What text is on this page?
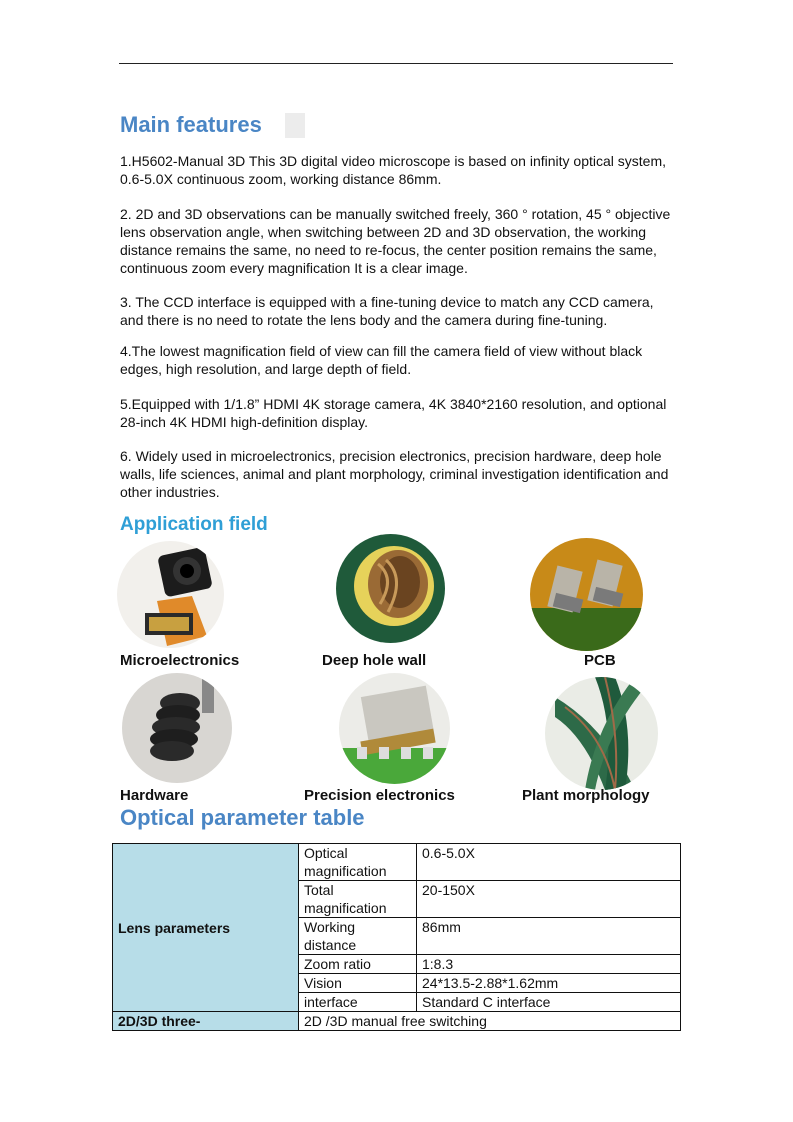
Main features

1.H5602-Manual 3D This 3D digital video microscope is based on infinity optical system, 0.6-5.0X continuous zoom, working distance 86mm.

2. 2D and 3D observations can be manually switched freely, 360 ° rotation, 45 ° objective lens observation angle, when switching between 2D and 3D observation, the working distance remains the same, no need to re-focus, the center position remains the same, continuous zoom every magnification It is a clear image.

3. The CCD interface is equipped with a fine-tuning device to match any CCD camera, and there is no need to rotate the lens body and the camera during fine-tuning.

4.The lowest magnification field of view can fill the camera field of view without black edges, high resolution, and large depth of field.

5.Equipped with 1/1.8” HDMI 4K storage camera, 4K 3840*2160 resolution, and optional 28-inch 4K HDMI high-definition display.

6. Widely used in microelectronics, precision electronics, precision hardware, deep hole walls, life sciences, animal and plant morphology, criminal investigation identification and other industries.

Application field
Microelectronics	Deep hole wall	PCB
Hardware	Precision electronics	Plant morphology
Optical parameter table
Lens parameters	Optical magnification	0.6-5.0X
	Total magnification	20-150X
	Working distance	86mm
	Zoom ratio	1:8.3
	Vision	24*13.5-2.88*1.62mm
	interface	Standard C interface
2D/3D three-	2D /3D manual free switching	
